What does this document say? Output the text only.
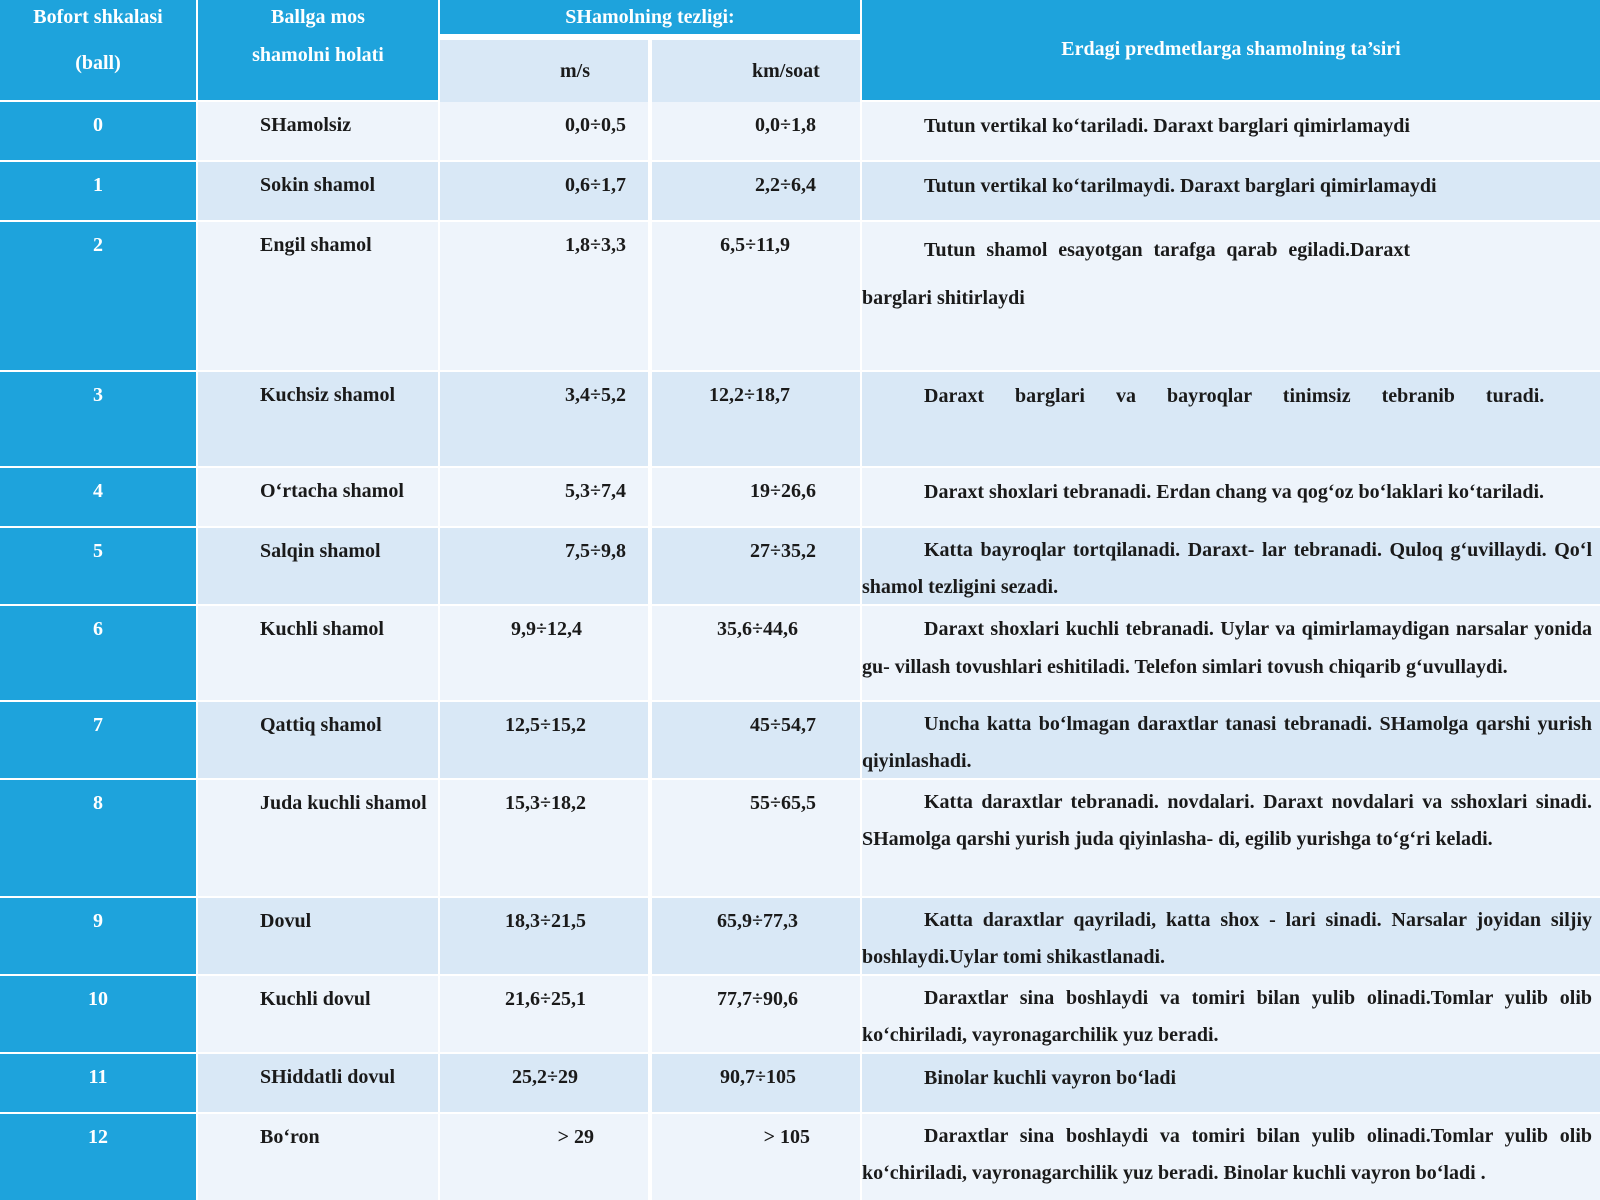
Bofort shkalasi
(ball)
Ballga mos
shamolni holati
SHamolning tezligi:
m/s	km/soat
Erdagi predmetlarga shamolning ta’siri
0	SHamolsiz	0,0÷0,5	0,0÷1,8	Tutun vertikal ko‘tariladi. Daraxt barglari qimirlamaydi
1	Sokin shamol	0,6÷1,7	2,2÷6,4	Tutun vertikal ko‘tarilmaydi. Daraxt barglari qimirlamaydi
2	Engil shamol	1,8÷3,3	6,5÷11,9	Tutun shamol esayotgan tarafga qarab egiladi.Daraxt barglari shitirlaydi
3	Kuchsiz shamol	3,4÷5,2	12,2÷18,7	Daraxt barglari va bayroqlar tinimsiz tebranib turadi.
4	O‘rtacha shamol	5,3÷7,4	19÷26,6	Daraxt shoxlari tebranadi. Erdan chang va qog‘oz bo‘laklari ko‘tariladi.
5	Salqin shamol	7,5÷9,8	27÷35,2	Katta bayroqlar tortqilanadi. Daraxt- lar tebranadi. Quloq g‘uvillaydi. Qo‘l shamol tezligini sezadi.
6	Kuchli shamol	9,9÷12,4	35,6÷44,6	Daraxt shoxlari kuchli tebranadi. Uylar va qimirlamaydigan narsalar yonida gu- villash tovushlari eshitiladi. Telefon simlari tovush chiqarib g‘uvullaydi.
7	Qattiq shamol	12,5÷15,2	45÷54,7	Uncha katta bo‘lmagan daraxtlar tanasi tebranadi. SHamolga qarshi yurish qiyinlashadi.
8	Juda kuchli shamol	15,3÷18,2	55÷65,5	Katta daraxtlar tebranadi. novdalari. Daraxt novdalari va sshoxlari sinadi. SHamolga qarshi yurish juda qiyinlasha- di, egilib yurishga to‘g‘ri keladi.
9	Dovul	18,3÷21,5	65,9÷77,3	Katta daraxtlar qayriladi, katta shox - lari sinadi. Narsalar joyidan siljiy boshlaydi.Uylar tomi shikastlanadi.
10	Kuchli dovul	21,6÷25,1	77,7÷90,6	Daraxtlar sina boshlaydi va tomiri bilan yulib olinadi.Tomlar yulib olib ko‘chiriladi, vayronagarchilik yuz beradi.
11	SHiddatli dovul	25,2÷29	90,7÷105	Binolar kuchli vayron bo‘ladi
12	Bo‘ron	> 29	> 105	Daraxtlar sina boshlaydi va tomiri bilan yulib olinadi.Tomlar yulib olib ko‘chiriladi, vayronagarchilik yuz beradi. Binolar kuchli vayron bo‘ladi .
